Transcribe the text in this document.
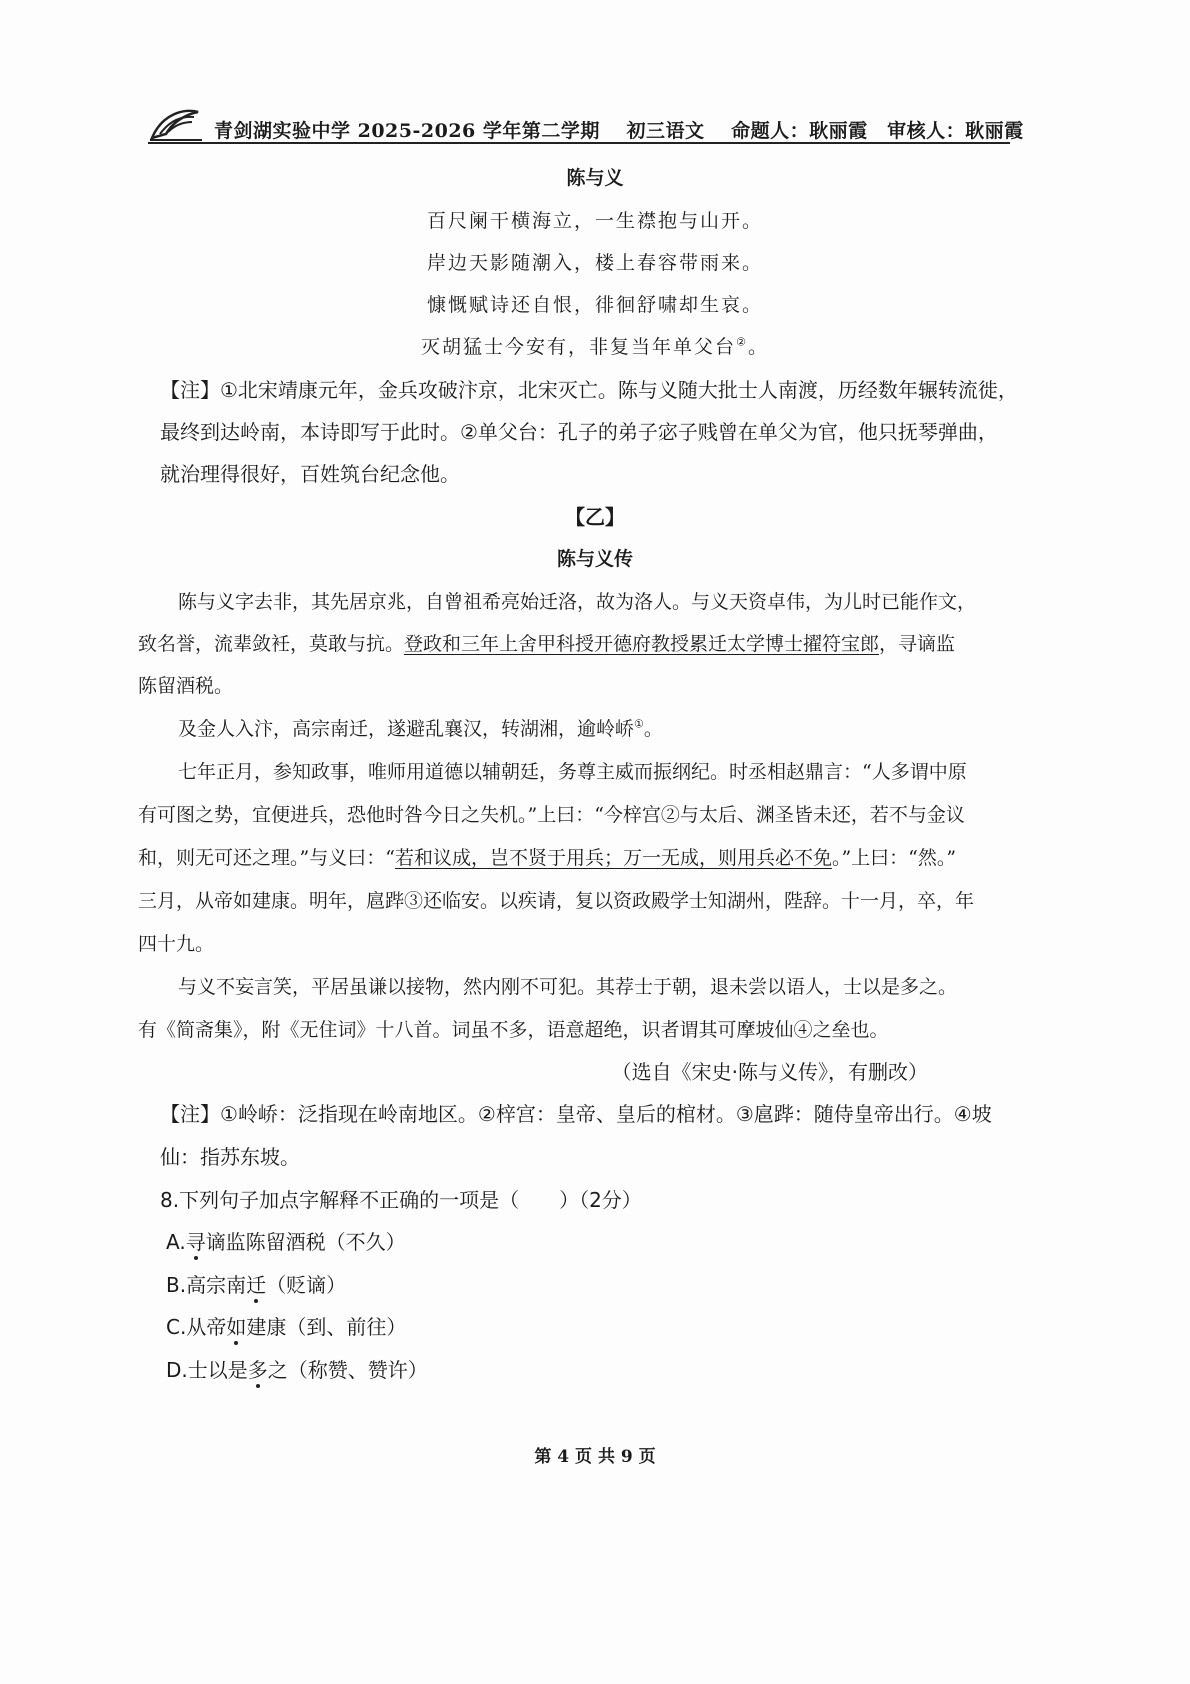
青剑湖实验中学 2025-2026 学年第二学期　 初三语文　 命题人：耿丽霞　审核人：耿丽霞
陈与义
百尺阑干横海立，一生襟抱与山开。
岸边天影随潮入，楼上春容带雨来。
慷慨赋诗还自恨，徘徊舒啸却生哀。
灭胡猛士今安有，非复当年单父台②。
【注】①北宋靖康元年，金兵攻破汴京，北宋灭亡。陈与义随大批士人南渡，历经数年辗转流徙，
最终到达岭南，本诗即写于此时。②单父台：孔子的弟子宓子贱曾在单父为官，他只抚琴弹曲，
就治理得很好，百姓筑台纪念他。
【乙】
陈与义传
陈与义字去非，其先居京兆，自曾祖希亮始迁洛，故为洛人。与义天资卓伟，为儿时已能作文，
致名誉，流辈敛衽，莫敢与抗。登政和三年上舍甲科授开德府教授累迁太学博士擢符宝郎，寻谪监
陈留酒税。
及金人入汴，高宗南迁，遂避乱襄汉，转湖湘，逾岭峤①。
七年正月，参知政事，唯师用道德以辅朝廷，务尊主威而振纲纪。时丞相赵鼎言：“人多谓中原
有可图之势，宜便进兵，恐他时咎今日之失机。”上曰：“今梓宫②与太后、渊圣皆未还，若不与金议
和，则无可还之理。”与义曰：“若和议成，岂不贤于用兵；万一无成，则用兵必不免。”上曰：“然。”
三月，从帝如建康。明年，扈跸③还临安。以疾请，复以资政殿学士知湖州，陛辞。十一月，卒，年
四十九。
与义不妄言笑，平居虽谦以接物，然内刚不可犯。其荐士于朝，退未尝以语人，士以是多之。
有《简斋集》，附《无住词》十八首。词虽不多，语意超绝，识者谓其可摩坡仙④之垒也。
（选自《宋史·陈与义传》，有删改）
【注】①岭峤：泛指现在岭南地区。②梓宫：皇帝、皇后的棺材。③扈跸：随侍皇帝出行。④坡
仙：指苏东坡。
8.下列句子加点字解释不正确的一项是（　　）（2分）
A.寻谪监陈留酒税（不久）
B.高宗南迁（贬谪）
C.从帝如建康（到、前往）
D.士以是多之（称赞、赞许）
第 4 页 共 9 页
